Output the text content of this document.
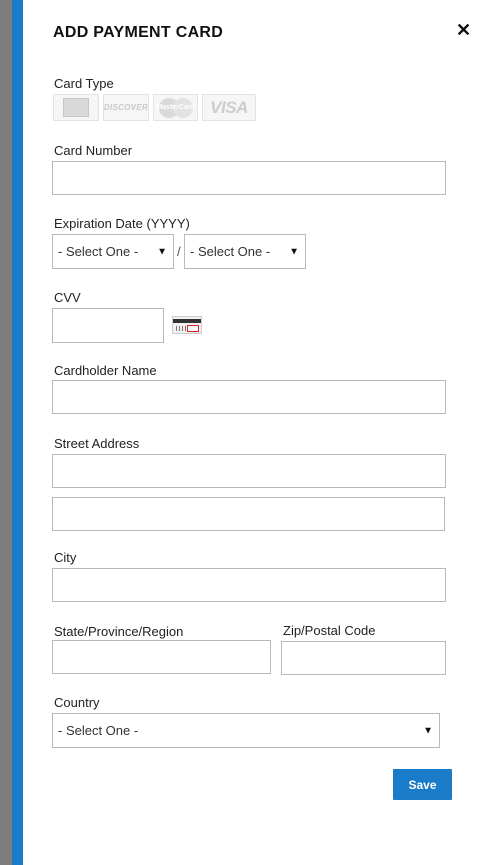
ADD PAYMENT CARD	✕
Card Type
DISCOVER MasterCard VISA
Card Number
Expiration Date (YYYY)
- Select One - ▼ / - Select One - ▼
CVV
Cardholder Name
Street Address
City
State/Province/Region	Zip/Postal Code
Country
- Select One -	▼
Save
